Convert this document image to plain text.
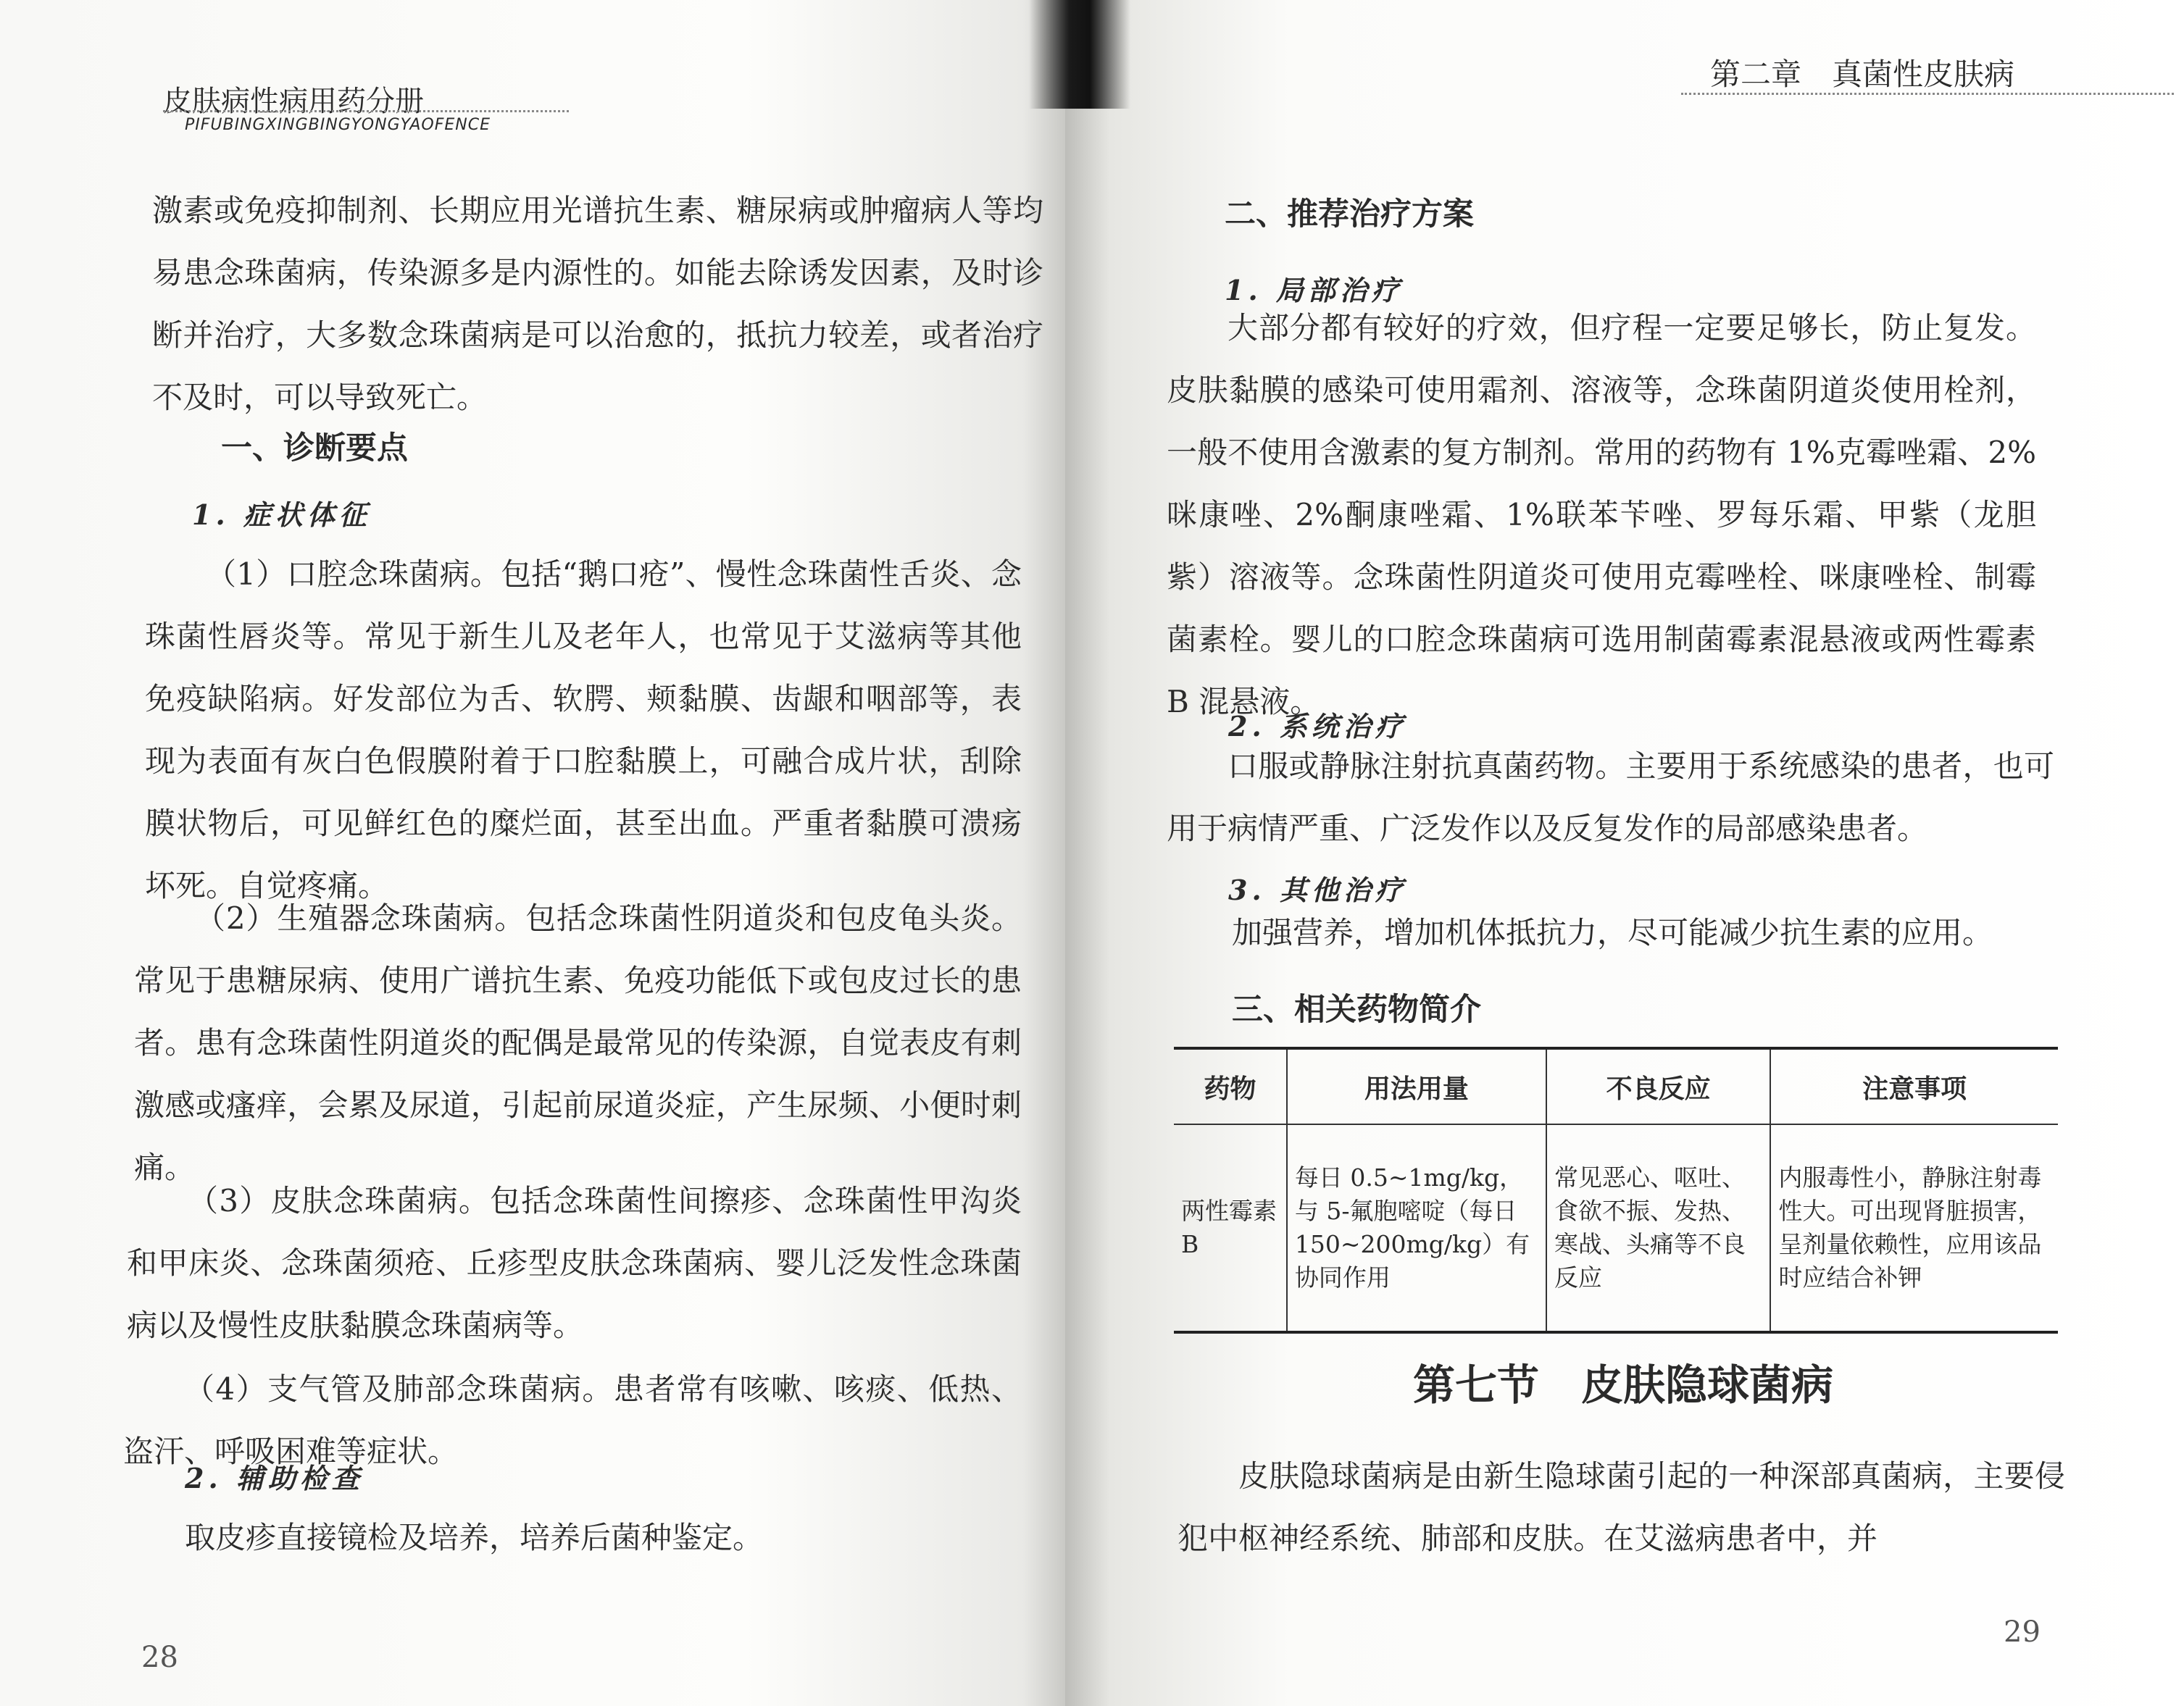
皮肤病性病用药分册
PIFUBINGXINGBINGYONGYAOFENCE

激素或免疫抑制剂、长期应用光谱抗生素、糖尿病或肿瘤病人等均易患念珠菌病，传染源多是内源性的。如能去除诱发因素，及时诊断并治疗，大多数念珠菌病是可以治愈的，抵抗力较差，或者治疗不及时，可以导致死亡。

一、诊断要点
1. 症状体征

（1）口腔念珠菌病。包括“鹅口疮”、慢性念珠菌性舌炎、念珠菌性唇炎等。常见于新生儿及老年人，也常见于艾滋病等其他免疫缺陷病。好发部位为舌、软腭、颊黏膜、齿龈和咽部等，表现为表面有灰白色假膜附着于口腔黏膜上，可融合成片状，刮除膜状物后，可见鲜红色的糜烂面，甚至出血。严重者黏膜可溃疡坏死。自觉疼痛。

（2）生殖器念珠菌病。包括念珠菌性阴道炎和包皮龟头炎。常见于患糖尿病、使用广谱抗生素、免疫功能低下或包皮过长的患者。患有念珠菌性阴道炎的配偶是最常见的传染源，自觉表皮有刺激感或瘙痒，会累及尿道，引起前尿道炎症，产生尿频、小便时刺痛。

（3）皮肤念珠菌病。包括念珠菌性间擦疹、念珠菌性甲沟炎和甲床炎、念珠菌须疮、丘疹型皮肤念珠菌病、婴儿泛发性念珠菌病以及慢性皮肤黏膜念珠菌病等。

（4）支气管及肺部念珠菌病。患者常有咳嗽、咳痰、低热、盗汗、呼吸困难等症状。

2. 辅助检查

取皮疹直接镜检及培养，培养后菌种鉴定。

28

第二章　真菌性皮肤病
二、推荐治疗方案
1. 局部治疗

大部分都有较好的疗效，但疗程一定要足够长，防止复发。皮肤黏膜的感染可使用霜剂、溶液等，念珠菌阴道炎使用栓剂，一般不使用含激素的复方制剂。常用的药物有 1%克霉唑霜、2%咪康唑、2%酮康唑霜、1%联苯苄唑、罗每乐霜、甲紫（龙胆紫）溶液等。念珠菌性阴道炎可使用克霉唑栓、咪康唑栓、制霉菌素栓。婴儿的口腔念珠菌病可选用制菌霉素混悬液或两性霉素 B 混悬液。

2. 系统治疗

口服或静脉注射抗真菌药物。主要用于系统感染的患者，也可用于病情严重、广泛发作以及反复发作的局部感染患者。

3. 其他治疗

加强营养，增加机体抵抗力，尽可能减少抗生素的应用。

三、相关药物简介
药物	用法用量	不良反应	注意事项
两性霉素B	每日 0.5~1mg/kg，与 5-氟胞嘧啶（每日150~200mg/kg）有协同作用	常见恶心、呕吐、食欲不振、发热、寒战、头痛等不良反应	内服毒性小，静脉注射毒性大。可出现肾脏损害，呈剂量依赖性，应用该品时应结合补钾
第七节　皮肤隐球菌病

皮肤隐球菌病是由新生隐球菌引起的一种深部真菌病，主要侵犯中枢神经系统、肺部和皮肤。在艾滋病患者中，并

29
